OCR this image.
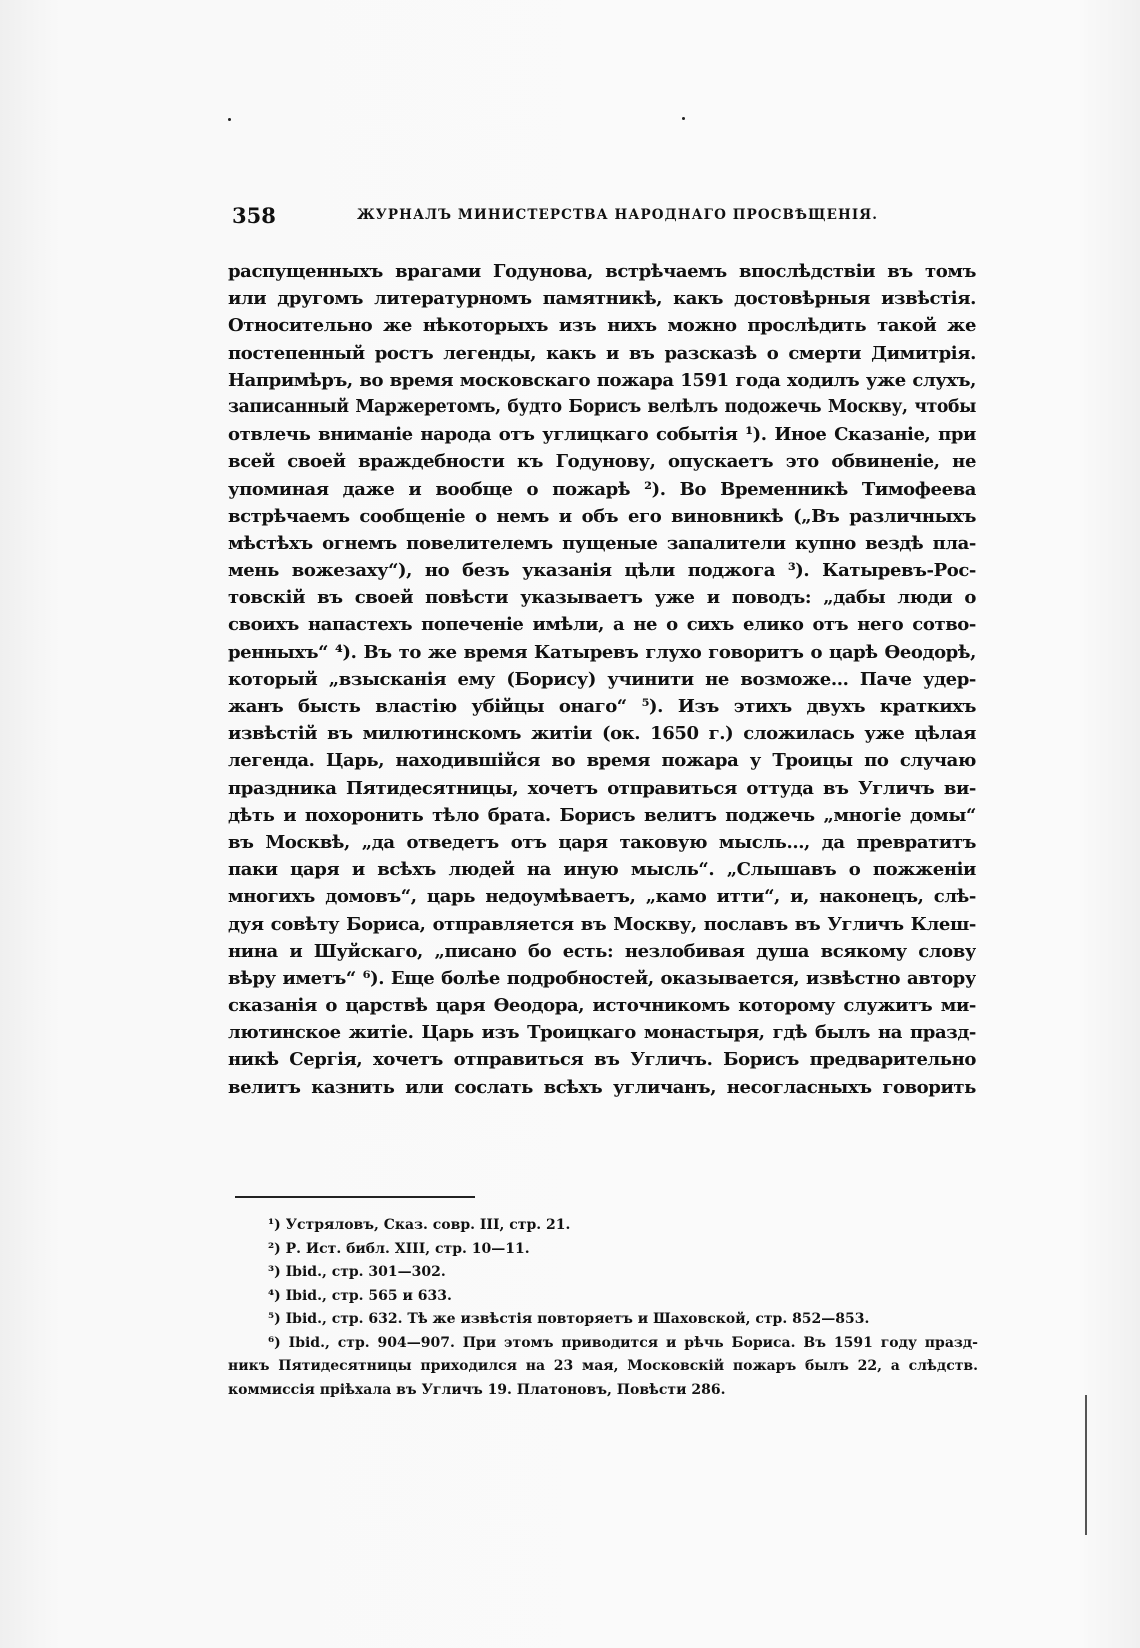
358	ЖУРНАЛЪ МИНИСТЕРСТВА НАРОДНАГО ПРОСВѢЩЕНІЯ.
распущенныхъ врагами Годунова, встрѣчаемъ впослѣдствіи въ томъ
или другомъ литературномъ памятникѣ, какъ достовѣрныя извѣстія.
Относительно же нѣкоторыхъ изъ нихъ можно прослѣдить такой же
постепенный ростъ легенды, какъ и въ разсказѣ о смерти Димитрія.
Напримѣръ, во время московскаго пожара 1591 года ходилъ уже слухъ,
записанный Маржеретомъ, будто Борисъ велѣлъ подожечь Москву, чтобы
отвлечь вниманіе народа отъ углицкаго событія ¹). Иное Сказаніе, при
всей своей враждебности къ Годунову, опускаетъ это обвиненіе, не
упоминая даже и вообще о пожарѣ ²). Во Временникѣ Тимофеева
встрѣчаемъ сообщеніе о немъ и объ его виновникѣ („Въ различныхъ
мѣстѣхъ огнемъ повелителемъ пущеные запалители купно вездѣ пла-
мень вожезаху“), но безъ указанія цѣли поджога ³). Катыревъ-Рос-
товскій въ своей повѣсти указываетъ уже и поводъ: „дабы люди о
своихъ напастехъ попеченіе имѣли, а не о сихъ елико отъ него сотво-
ренныхъ“ ⁴). Въ то же время Катыревъ глухо говоритъ о царѣ Ѳеодорѣ,
который „взысканія ему (Борису) учинити не возможе... Паче удер-
жанъ бысть властію убійцы онаго“ ⁵). Изъ этихъ двухъ краткихъ
извѣстій въ милютинскомъ житіи (ок. 1650 г.) сложилась уже цѣлая
легенда. Царь, находившійся во время пожара у Троицы по случаю
праздника Пятидесятницы, хочетъ отправиться оттуда въ Угличъ ви-
дѣть и похоронить тѣло брата. Борисъ велитъ поджечь „многіе домы“
въ Москвѣ, „да отведетъ отъ царя таковую мысль..., да превратитъ
паки царя и всѣхъ людей на иную мысль“. „Слышавъ о пожженіи
многихъ домовъ“, царь недоумѣваетъ, „камо итти“, и, наконецъ, слѣ-
дуя совѣту Бориса, отправляется въ Москву, пославъ въ Угличъ Клеш-
нина и Шуйскаго, „писано бо есть: незлобивая душа всякому слову
вѣру иметъ“ ⁶). Еще болѣе подробностей, оказывается, извѣстно автору
сказанія о царствѣ царя Ѳеодора, источникомъ которому служитъ ми-
лютинское житіе. Царь изъ Троицкаго монастыря, гдѣ былъ на празд-
никѣ Сергія, хочетъ отправиться въ Угличъ. Борисъ предварительно
велитъ казнить или сослать всѣхъ угличанъ, несогласныхъ говорить
¹) Устряловъ, Сказ. совр. III, стр. 21.
²) Р. Ист. библ. XIII, стр. 10—11.
³) Ibid., стр. 301—302.
⁴) Ibid., стр. 565 и 633.
⁵) Ibid., стр. 632. Тѣ же извѣстія повторяетъ и Шаховской, стр. 852—853.
⁶) Ibid., стр. 904—907. При этомъ приводится и рѣчь Бориса. Въ 1591 году празд-
никъ Пятидесятницы приходился на 23 мая, Московскій пожаръ былъ 22, а слѣдств.
коммиссія пріѣхала въ Угличъ 19. Платоновъ, Повѣсти 286.
